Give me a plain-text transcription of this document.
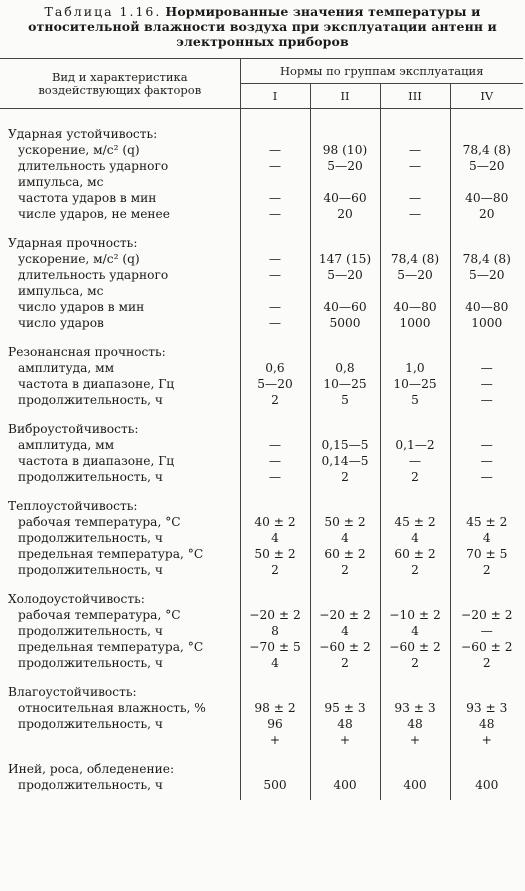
Таблица 1.16. Нормированные значения температуры и относительной влажности воздуха при эксплуатации антенн и электронных приборов
Вид и характеристика воздействующих факторов	Нормы по группам эксплуатация			
	I	II	III	IV

Ударная устойчивость:				
ускорение, м/с² (q)	—	98 (10)	—	78,4 (8)
длительность ударного	—	5—20	—	5—20
импульса, мс				
частота ударов в мин	—	40—60	—	40—80
числе ударов, не менее	—	20	—	20

Ударная прочность:				
ускорение, м/с² (q)	—	147 (15)	78,4 (8)	78,4 (8)
длительность ударного	—	5—20	5—20	5—20
импульса, мс				
число ударов в мин	—	40—60	40—80	40—80
число ударов	—	5000	1000	1000

Резонансная прочность:				
амплитуда, мм	0,6	0,8	1,0	—
частота в диапазоне, Гц	5—20	10—25	10—25	—
продолжительность, ч	2	5	5	—

Виброустойчивость:				
амплитуда, мм	—	0,15—5	0,1—2	—
частота в диапазоне, Гц	—	0,14—5	—	—
продолжительность, ч	—	2	2	—

Теплоустойчивость:				
рабочая температура, °С	40 ± 2	50 ± 2	45 ± 2	45 ± 2
продолжительность, ч	4	4	4	4
предельная температура, °С	50 ± 2	60 ± 2	60 ± 2	70 ± 5
продолжительность, ч	2	2	2	2

Холодоустойчивость:				
рабочая температура, °С	−20 ± 2	−20 ± 2	−10 ± 2	−20 ± 2
продолжительность, ч	8	4	4	—
предельная температура, °С	−70 ± 5	−60 ± 2	−60 ± 2	−60 ± 2
продолжительность, ч	4	2	2	2

Влагоустойчивость:				
относительная влажность, %	98 ± 2	95 ± 3	93 ± 3	93 ± 3
продолжительность, ч	96	48	48	48
	+	+	+	+

Иней, роса, обледенение:				
продолжительность, ч	500	400	400	400
